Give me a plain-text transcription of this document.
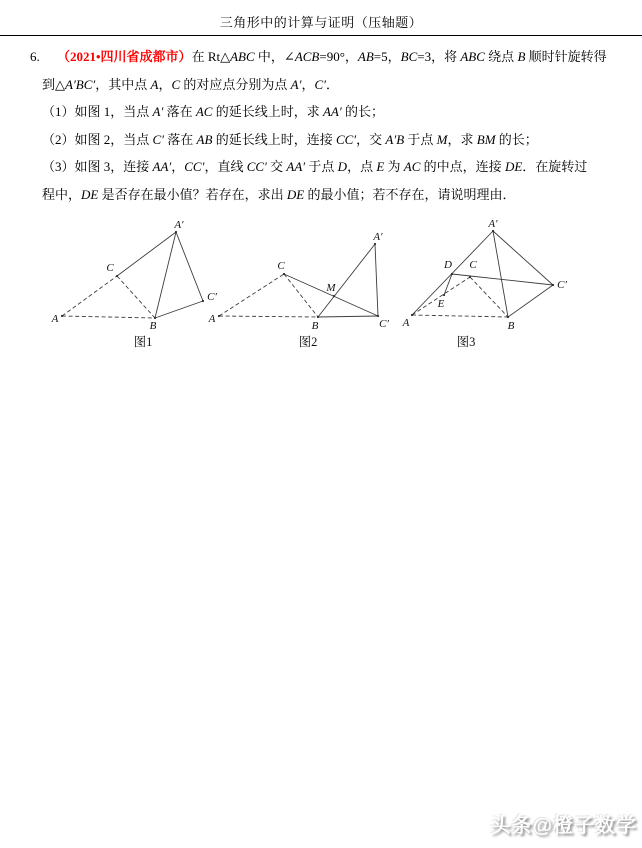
三角形中的计算与证明（压轴题）
6. （2021•四川省成都市）在 Rt△ABC 中，∠ACB=90°，AB=5，BC=3，将 ABC 绕点 B 顺时针旋转得
到△A′BC′，其中点 A，C 的对应点分别为点 A′，C′．
（1）如图 1，当点 A′ 落在 AC 的延长线上时，求 AA′ 的长；
（2）如图 2，当点 C′ 落在 AB 的延长线上时，连接 CC′，交 A′B 于点 M，求 BM 的长；
（3）如图 3，连接 AA′，CC′，直线 CC′ 交 AA′ 于点 D，点 E 为 AC 的中点，连接 DE．在旋转过
程中，DE 是否存在最小值？若存在，求出 DE 的最小值；若不存在，请说明理由．
A
B
C
A′
C′
图1
A
B
C
A′
C′
M
图2
A	B
A′
C′
D C
E
图3
头条@橙子数学
